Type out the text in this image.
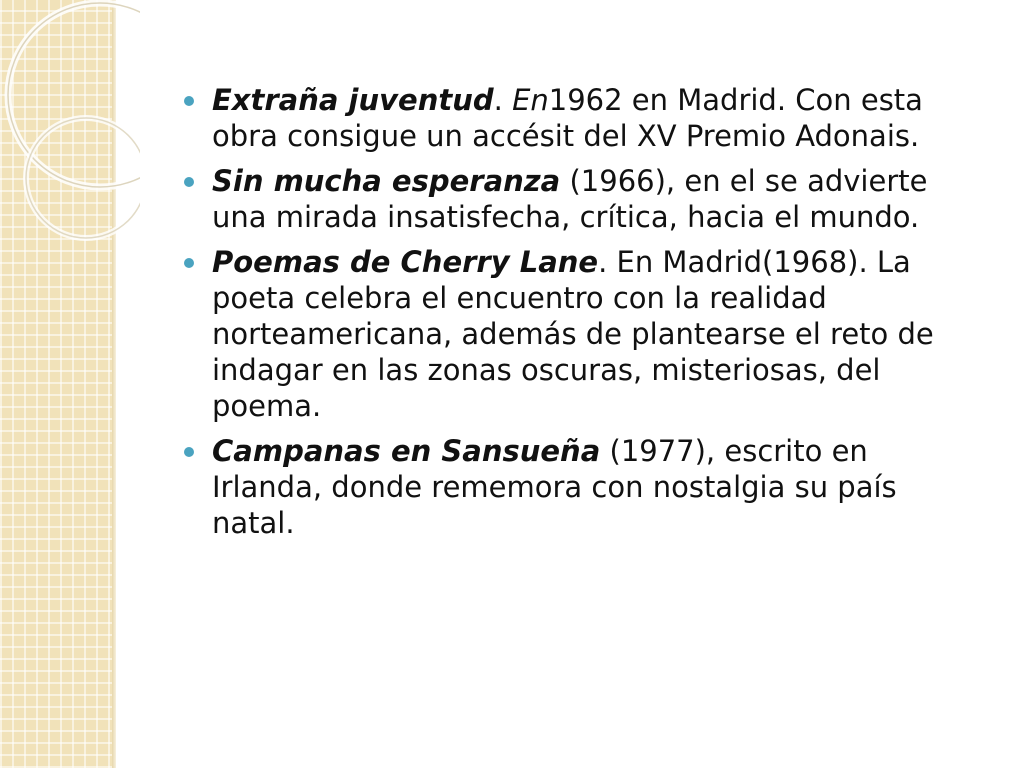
Extraña juventud. En1962 en Madrid. Con esta obra consigue un accésit del XV Premio Adonais.
Sin mucha esperanza (1966), en el se advierte una mirada insatisfecha, crítica, hacia el mundo.
Poemas de Cherry Lane. En Madrid(1968). La poeta celebra el encuentro con la realidad norteamericana, además de plantearse el reto de indagar en las zonas oscuras, misteriosas, del poema.
Campanas en Sansueña (1977), escrito en Irlanda, donde rememora con nostalgia su país natal.
